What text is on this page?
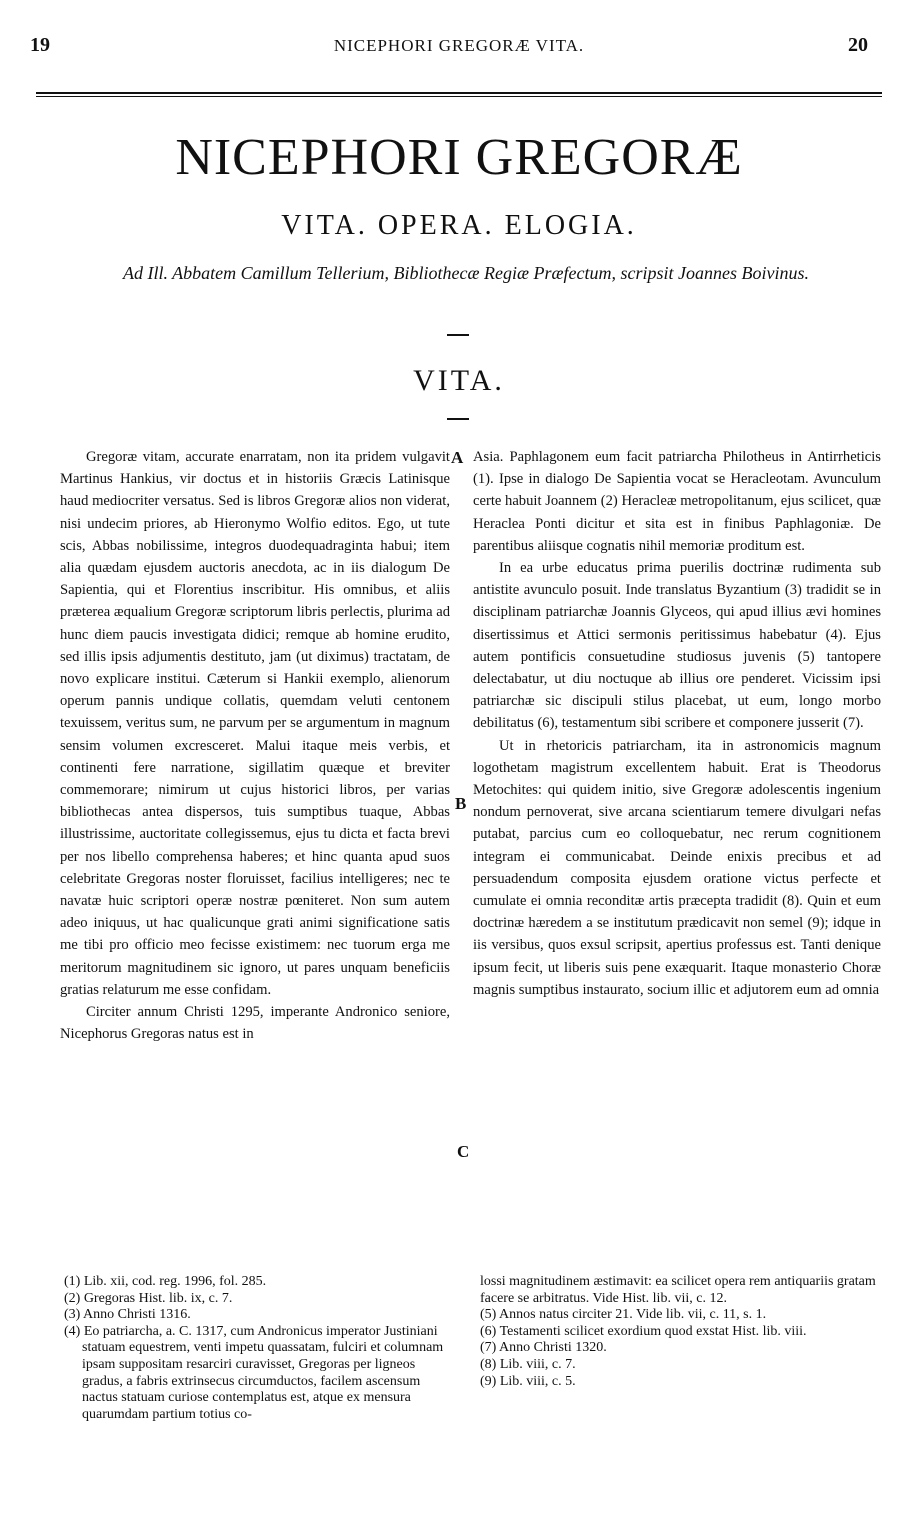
19	NICEPHORI GREGORÆ VITA.	20
NICEPHORI GREGORÆ
VITA. OPERA. ELOGIA.
Ad Ill. Abbatem Camillum Tellerium, Bibliothecæ Regiæ Præfectum, scripsit Joannes Boivinus.
VITA.
A
B
C

Gregoræ vitam, accurate enarratam, non ita pridem vulgavit Martinus Hankius, vir doctus et in historiis Græcis Latinisque haud mediocriter versatus. Sed is libros Gregoræ alios non viderat, nisi undecim priores, ab Hieronymo Wolfio editos. Ego, ut tute scis, Abbas nobilissime, integros duodequadraginta habui; item alia quædam ejusdem auctoris anecdota, ac in iis dialogum De Sapientia, qui et Florentius inscribitur. His omnibus, et aliis præterea æqualium Gregoræ scriptorum libris perlectis, plurima ad hunc diem paucis investigata didici; remque ab homine erudito, sed illis ipsis adjumentis destituto, jam (ut diximus) tractatam, de novo explicare institui. Cæterum si Hankii exemplo, alienorum operum pannis undique collatis, quemdam veluti centonem texuissem, veritus sum, ne parvum per se argumentum in magnum sensim volumen excresceret. Malui itaque meis verbis, et continenti fere narratione, sigillatim quæque et breviter commemorare; nimirum ut cujus historici libros, per varias bibliothecas antea dispersos, tuis sumptibus tuaque, Abbas illustrissime, auctoritate collegissemus, ejus tu dicta et facta brevi per nos libello comprehensa haberes; et hinc quanta apud suos celebritate Gregoras noster floruisset, facilius intelligeres; nec te navatæ huic scriptori operæ nostræ pœniteret. Non sum autem adeo iniquus, ut hac qualicunque grati animi significatione satis me tibi pro officio meo fecisse existimem: nec tuorum erga me meritorum magnitudinem sic ignoro, ut pares unquam beneficiis gratias relaturum me esse confidam.

Circiter annum Christi 1295, imperante Andronico seniore, Nicephorus Gregoras natus est in

Asia. Paphlagonem eum facit patriarcha Philotheus in Antirrheticis (1). Ipse in dialogo De Sapientia vocat se Heracleotam. Avunculum certe habuit Joannem (2) Heracleæ metropolitanum, ejus scilicet, quæ Heraclea Ponti dicitur et sita est in finibus Paphlagoniæ. De parentibus aliisque cognatis nihil memoriæ proditum est.

In ea urbe educatus prima puerilis doctrinæ rudimenta sub antistite avunculo posuit. Inde translatus Byzantium (3) tradidit se in disciplinam patriarchæ Joannis Glyceos, qui apud illius ævi homines disertissimus et Attici sermonis peritissimus habebatur (4). Ejus autem pontificis consuetudine studiosus juvenis (5) tantopere delectabatur, ut diu noctuque ab illius ore penderet. Vicissim ipsi patriarchæ sic discipuli stilus placebat, ut eum, longo morbo debilitatus (6), testamentum sibi scribere et componere jusserit (7).

Ut in rhetoricis patriarcham, ita in astronomicis magnum logothetam magistrum excellentem habuit. Erat is Theodorus Metochites: qui quidem initio, sive Gregoræ adolescentis ingenium nondum pernoverat, sive arcana scientiarum temere divulgari nefas putabat, parcius cum eo colloquebatur, nec rerum cognitionem integram ei communicabat. Deinde enixis precibus et ad persuadendum composita ejusdem oratione victus perfecte et cumulate ei omnia reconditæ artis præcepta tradidit (8). Quin et eum doctrinæ hæredem a se institutum prædicavit non semel (9); idque in iis versibus, quos exsul scripsit, apertius professus est. Tanti denique ipsum fecit, ut liberis suis pene exæquarit. Itaque monasterio Choræ magnis sumptibus instaurato, socium illic et adjutorem eum ad omnia

(1) Lib. xii, cod. reg. 1996, fol. 285.
(2) Gregoras Hist. lib. ix, c. 7.
(3) Anno Christi 1316.
(4) Eo patriarcha, a. C. 1317, cum Andronicus imperator Justiniani statuam equestrem, venti impetu quassatam, fulciri et columnam ipsam suppositam resarciri curavisset, Gregoras per ligneos gradus, a fabris extrinsecus circumductos, facilem ascensum nactus statuam curiose contemplatus est, atque ex mensura quarumdam partium totius co-
lossi magnitudinem æstimavit: ea scilicet opera rem antiquariis gratam facere se arbitratus. Vide Hist. lib. vii, c. 12.
(5) Annos natus circiter 21. Vide lib. vii, c. 11, s. 1.
(6) Testamenti scilicet exordium quod exstat Hist. lib. viii.
(7) Anno Christi 1320.
(8) Lib. viii, c. 7.
(9) Lib. viii, c. 5.
